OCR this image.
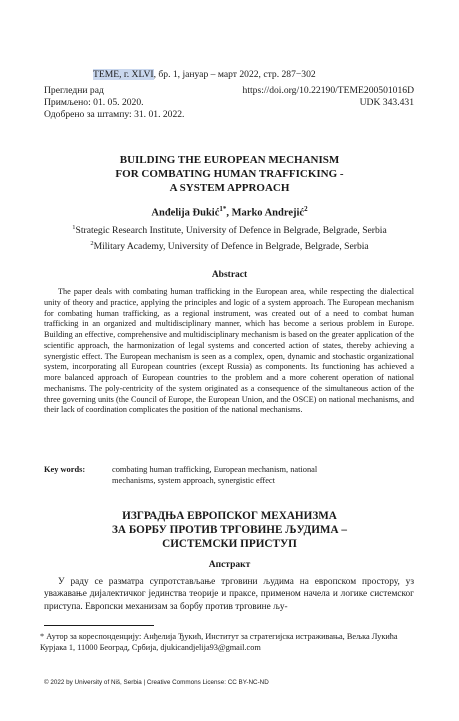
TEME, г. XLVI, бр. 1, јануар – март 2022, стр. 287−302
Прегледни рад	https://doi.org/10.22190/TEME200501016D
Примљено: 01. 05. 2020.	UDK 343.431
Одобрено за штампу: 31. 01. 2022.
BUILDING THE EUROPEAN MECHANISM
FOR COMBATING HUMAN TRAFFICKING -
A SYSTEM APPROACH
Anđelija Đukić$^{1*}$, Marko Andrejić$^2$
$^1$Strategic Research Institute, University of Defence in Belgrade, Belgrade, Serbia
$^2$Military Academy, University of Defence in Belgrade, Belgrade, Serbia
Abstract
The paper deals with combating human trafficking in the European area, while respecting the dialectical unity of theory and practice, applying the principles and logic of a system approach. The European mechanism for combating human trafficking, as a regional instrument, was created out of a need to combat human trafficking in an organized and multidisciplinary manner, which has become a serious problem in Europe. Building an effective, comprehensive and multidisciplinary mechanism is based on the greater application of the scientific approach, the harmonization of legal systems and concerted action of states, thereby achieving a synergistic effect. The European mechanism is seen as a complex, open, dynamic and stochastic organizational system, incorporating all European countries (except Russia) as components. Its functioning has achieved a more balanced approach of European countries to the problem and a more coherent operation of national mechanisms. The poly-centricity of the system originated as a consequence of the simultaneous action of the three governing units (the Council of Europe, the European Union, and the OSCE) on national mechanisms, and their lack of coordination complicates the position of the national mechanisms.
Key words:	combating human trafficking, European mechanism, national mechanisms, system approach, synergistic effect
ИЗГРАДЊА ЕВРОПСКОГ МЕХАНИЗМА
ЗА БОРБУ ПРОТИВ ТРГОВИНЕ ЉУДИМА –
СИСТЕМСКИ ПРИСТУП
Апстракт
У раду се разматра супротстављање трговини људима на европском простору, уз уважавање дијалектичког јединства теорије и праксе, применом начела и логике системског приступа. Европски механизам за борбу против трговине љу-
* Аутор за кореспонденцију: Анђелија Ђукић, Институт за стратегијска истраживања, Вељка Лукића Курјака 1, 11000 Београд, Србија, djukicandjelija93@gmail.com
© 2022 by University of Niš, Serbia | Creative Commons License: CC BY-NC-ND
